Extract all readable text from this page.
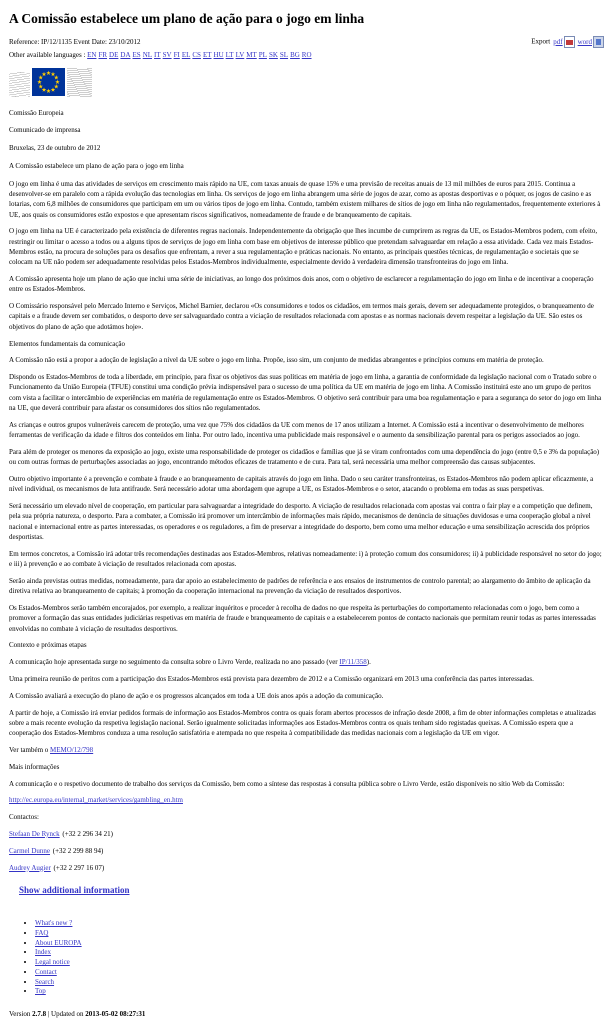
A Comissão estabelece um plano de ação para o jogo em linha
Reference: IP/12/1135 Event Date: 23/10/2012	Export pdf word
Other available languages : EN FR DE DA ES NL IT SV FI EL CS ET HU LT LV MT PL SK SL BG RO

Comissão Europeia

Comunicado de imprensa

Bruxelas, 23 de outubro de 2012

A Comissão estabelece um plano de ação para o jogo em linha

O jogo em linha é uma das atividades de serviços em crescimento mais rápido na UE, com taxas anuais de quase 15% e uma previsão de receitas anuais de 13 mil milhões de euros para 2015. Continua a desenvolver-se em paralelo com a rápida evolução das tecnologias em linha. Os serviços de jogo em linha abrangem uma série de jogos de azar, como as apostas desportivas e o póquer, os jogos de casino e as lotarias, com 6,8 milhões de consumidores que participam em um ou vários tipos de jogo em linha. Contudo, também existem milhares de sítios de jogo em linha não regulamentados, frequentemente exteriores à UE, aos quais os consumidores estão expostos e que apresentam riscos significativos, nomeadamente de fraude e de branqueamento de capitais.

O jogo em linha na UE é caracterizado pela existência de diferentes regras nacionais. Independentemente da obrigação que lhes incumbe de cumprirem as regras da UE, os Estados-Membros podem, com efeito, restringir ou limitar o acesso a todos ou a alguns tipos de serviços de jogo em linha com base em objetivos de interesse público que pretendam salvaguardar em relação a essa atividade. Cada vez mais Estados-Membros estão, na procura de soluções para os desafios que enfrentam, a rever a sua regulamentação e práticas nacionais. No entanto, as principais questões técnicas, de regulamentação e societais que se colocam na UE não podem ser adequadamente resolvidas pelos Estados-Membros individualmente, especialmente devido à verdadeira dimensão transfronteiras do jogo em linha.

A Comissão apresenta hoje um plano de ação que inclui uma série de iniciativas, ao longo dos próximos dois anos, com o objetivo de esclarecer a regulamentação do jogo em linha e de incentivar a cooperação entre os Estados-Membros.

O Comissário responsável pelo Mercado Interno e Serviços, Michel Barnier, declarou «Os consumidores e todos os cidadãos, em termos mais gerais, devem ser adequadamente protegidos, o branqueamento de capitais e a fraude devem ser combatidos, o desporto deve ser salvaguardado contra a viciação de resultados relacionada com apostas e as normas nacionais devem respeitar a legislação da UE. São estes os objetivos do plano de ação que adotámos hoje».

Elementos fundamentais da comunicação

A Comissão não está a propor a adoção de legislação a nível da UE sobre o jogo em linha. Propõe, isso sim, um conjunto de medidas abrangentes e princípios comuns em matéria de proteção.

Dispondo os Estados-Membros de toda a liberdade, em princípio, para fixar os objetivos das suas políticas em matéria de jogo em linha, a garantia de conformidade da legislação nacional com o Tratado sobre o Funcionamento da União Europeia (TFUE) constitui uma condição prévia indispensável para o sucesso de uma política da UE em matéria de jogo em linha. A Comissão instituirá este ano um grupo de peritos com vista a facilitar o intercâmbio de experiências em matéria de regulamentação entre os Estados-Membros. O objetivo será contribuir para uma boa regulamentação e para a segurança do setor do jogo em linha na UE, que deverá contribuir para afastar os consumidores dos sítios não regulamentados.

As crianças e outros grupos vulneráveis carecem de proteção, uma vez que 75% dos cidadãos da UE com menos de 17 anos utilizam a Internet. A Comissão está a incentivar o desenvolvimento de melhores ferramentas de verificação da idade e filtros dos conteúdos em linha. Por outro lado, incentiva uma publicidade mais responsável e o aumento da sensibilização parental para os perigos associados ao jogo.

Para além de proteger os menores da exposição ao jogo, existe uma responsabilidade de proteger os cidadãos e famílias que já se viram confrontados com uma dependência do jogo (entre 0,5 e 3% da população) ou com outras formas de perturbações associadas ao jogo, encontrando métodos eficazes de tratamento e de cura. Para tal, será necessária uma melhor compreensão das causas subjacentes.

Outro objetivo importante é a prevenção e combate à fraude e ao branqueamento de capitais através do jogo em linha. Dado o seu caráter transfronteiras, os Estados-Membros não podem aplicar eficazmente, a nível individual, os mecanismos de luta antifraude. Será necessário adotar uma abordagem que agrupe a UE, os Estados-Membros e o setor, atacando o problema em todas as suas perspetivas.

Será necessário um elevado nível de cooperação, em particular para salvaguardar a integridade do desporto. A viciação de resultados relacionada com apostas vai contra o fair play e a competição que definem, pela sua própria natureza, o desporto. Para a combater, a Comissão irá promover um intercâmbio de informações mais rápido, mecanismos de denúncia de situações duvidosas e uma cooperação global a nível nacional e internacional entre as partes interessadas, os operadores e os reguladores, a fim de preservar a integridade do desporto, bem como uma melhor educação e uma sensibilização acrescida dos próprios desportistas.

Em termos concretos, a Comissão irá adotar três recomendações destinadas aos Estados-Membros, relativas nomeadamente: i) à proteção comum dos consumidores; ii) à publicidade responsável no setor do jogo; e iii) à prevenção e ao combate à viciação de resultados relacionada com apostas.

Serão ainda previstas outras medidas, nomeadamente, para dar apoio ao estabelecimento de padrões de referência e aos ensaios de instrumentos de controlo parental; ao alargamento do âmbito de aplicação da diretiva relativa ao branqueamento de capitais; à promoção da cooperação internacional na prevenção da viciação de resultados desportivos.

Os Estados-Membros serão também encorajados, por exemplo, a realizar inquéritos e proceder à recolha de dados no que respeita às perturbações do comportamento relacionadas com o jogo, bem como a promover a formação das suas entidades judiciárias respetivas em matéria de fraude e branqueamento de capitais e a estabelecerem pontos de contacto nacionais que permitam reunir todas as partes interessadas envolvidas no combate à viciação de resultados desportivos.

Contexto e próximas etapas

A comunicação hoje apresentada surge no seguimento da consulta sobre o Livro Verde, realizada no ano passado (ver IP/11/358).

Uma primeira reunião de peritos com a participação dos Estados-Membros está prevista para dezembro de 2012 e a Comissão organizará em 2013 uma conferência das partes interessadas.

A Comissão avaliará a execução do plano de ação e os progressos alcançados em toda a UE dois anos após a adoção da comunicação.

A partir de hoje, a Comissão irá enviar pedidos formais de informação aos Estados-Membros contra os quais foram abertos processos de infração desde 2008, a fim de obter informações completas e atualizadas sobre a mais recente evolução da respetiva legislação nacional. Serão igualmente solicitadas informações aos Estados-Membros contra os quais tenham sido registadas queixas. A Comissão espera que a cooperação dos Estados-Membros conduza a uma resolução satisfatória e atempada no que respeita à compatibilidade das medidas nacionais com a legislação da UE em vigor.

Ver também o MEMO/12/798

Mais informações

A comunicação e o respetivo documento de trabalho dos serviços da Comissão, bem como a síntese das respostas à consulta pública sobre o Livro Verde, estão disponíveis no sítio Web da Comissão:

http://ec.europa.eu/internal_market/services/gambling_en.htm

Contactos:

Stefaan De Rynck (+32 2 296 34 21)

Carmel Dunne (+32 2 299 88 94)

Audrey Augier (+32 2 297 16 07)

Show additional information
• What's new ?
• FAQ
• About EUROPA
• Index
• Legal notice
• Contact
• Search
• Top
Version 2.7.8 | Updated on 2013-05-02 08:27:31
